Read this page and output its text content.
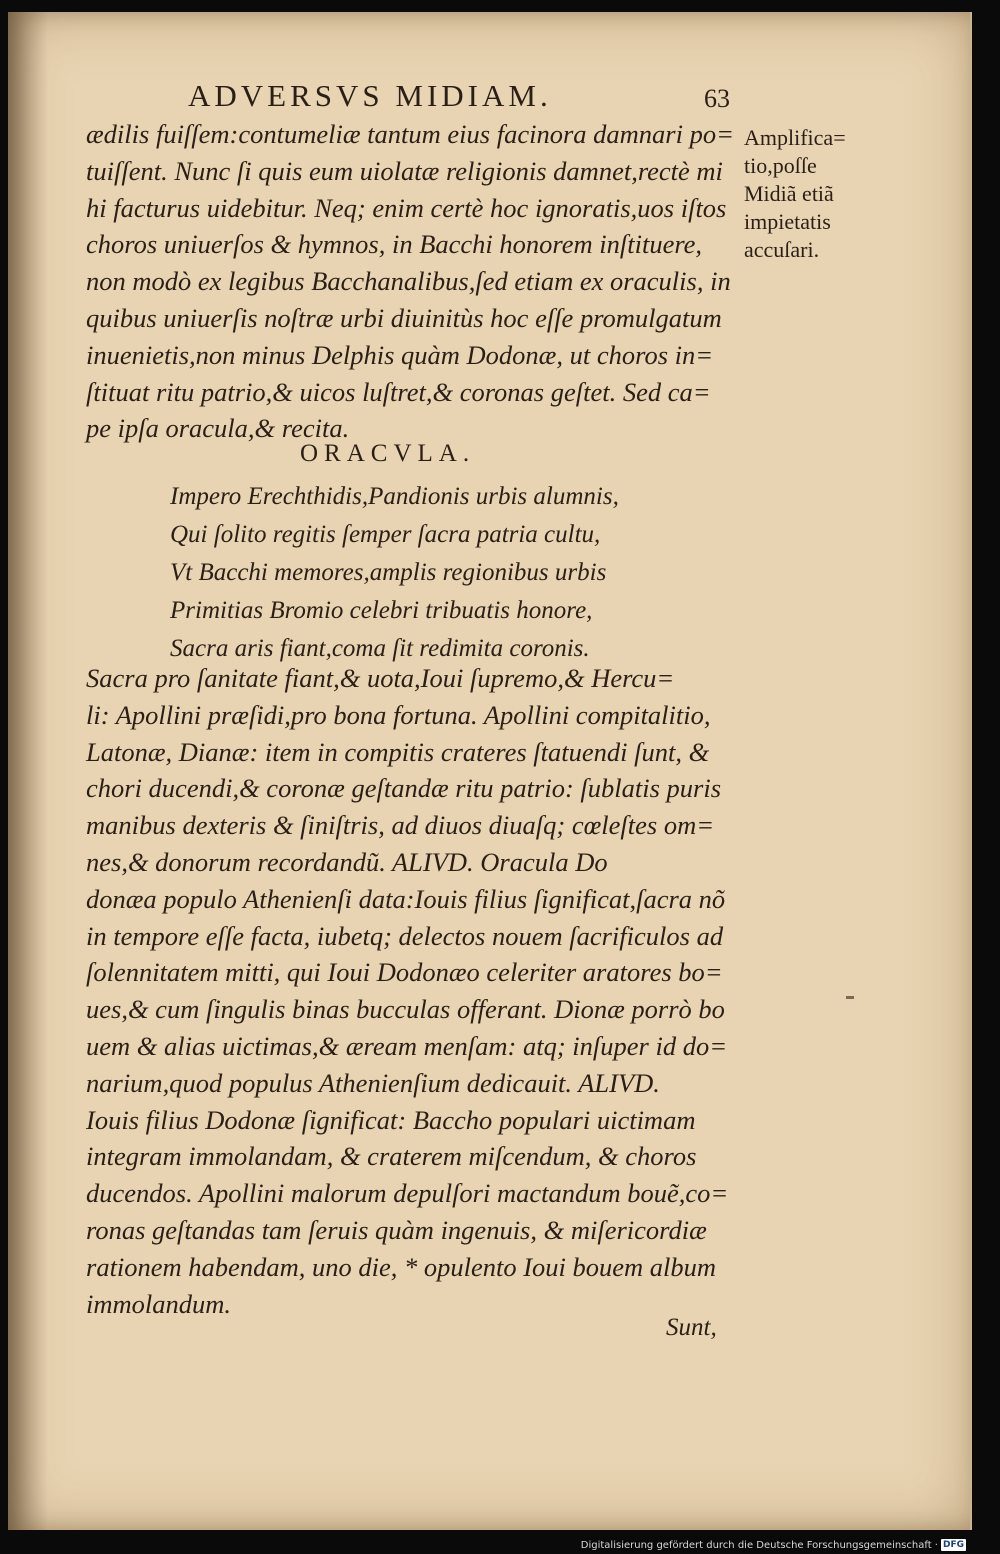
ADVERSVS MIDIAM.	63
ædilis fuiſſem:contumeliæ tantum eius facinora damnari po=
tuiſſent. Nunc ſi quis eum uiolatæ religionis damnet,rectè mi
hi facturus uidebitur. Neq; enim certè hoc ignoratis,uos iſtos
choros uniuerſos & hymnos, in Bacchi honorem inſtituere,
non modò ex legibus Bacchanalibus,ſed etiam ex oraculis, in
quibus uniuerſis noſtræ urbi diuinitùs hoc eſſe promulgatum
inuenietis,non minus Delphis quàm Dodonæ, ut choros in=
ſtituat ritu patrio,& uicos luſtret,& coronas geſtet. Sed ca=
pe ipſa oracula,& recita.
Amplifica=
tio,poſſe
Midiã etiã
impietatis
accuſari.
ORACVLA.
Impero Erechthidis,Pandionis urbis alumnis,
Qui ſolito regitis ſemper ſacra patria cultu,
Vt Bacchi memores,amplis regionibus urbis
Primitias Bromio celebri tribuatis honore,
Sacra aris fiant,coma ſit redimita coronis.
Sacra pro ſanitate fiant,& uota,Ioui ſupremo,& Hercu=
li: Apollini præſidi,pro bona fortuna. Apollini compitalitio,
Latonæ, Dianæ: item in compitis crateres ſtatuendi ſunt, &
chori ducendi,& coronæ geſtandæ ritu patrio: ſublatis puris
manibus dexteris & ſiniſtris, ad diuos diuaſq; cœleſtes om=
nes,& donorum recordandũ. ALIVD. Oracula Do
donæa populo Athenienſi data:Iouis filius ſignificat,ſacra nõ
in tempore eſſe facta, iubetq; delectos nouem ſacrificulos ad
ſolennitatem mitti, qui Ioui Dodonæo celeriter aratores bo=
ues,& cum ſingulis binas bucculas offerant. Dionæ porrò bo
uem & alias uictimas,& æream menſam: atq; inſuper id do=
narium,quod populus Athenienſium dedicauit. ALIVD.
Iouis filius Dodonæ ſignificat: Baccho populari uictimam
integram immolandam, & craterem miſcendum, & choros
ducendos. Apollini malorum depulſori mactandum bouẽ,co=
ronas geſtandas tam ſeruis quàm ingenuis, & miſericordiæ
rationem habendam, uno die, * opulento Ioui bouem album
immolandum.
Sunt,
Digitalisierung gefördert durch die Deutsche Forschungsgemeinschaft · DFG
